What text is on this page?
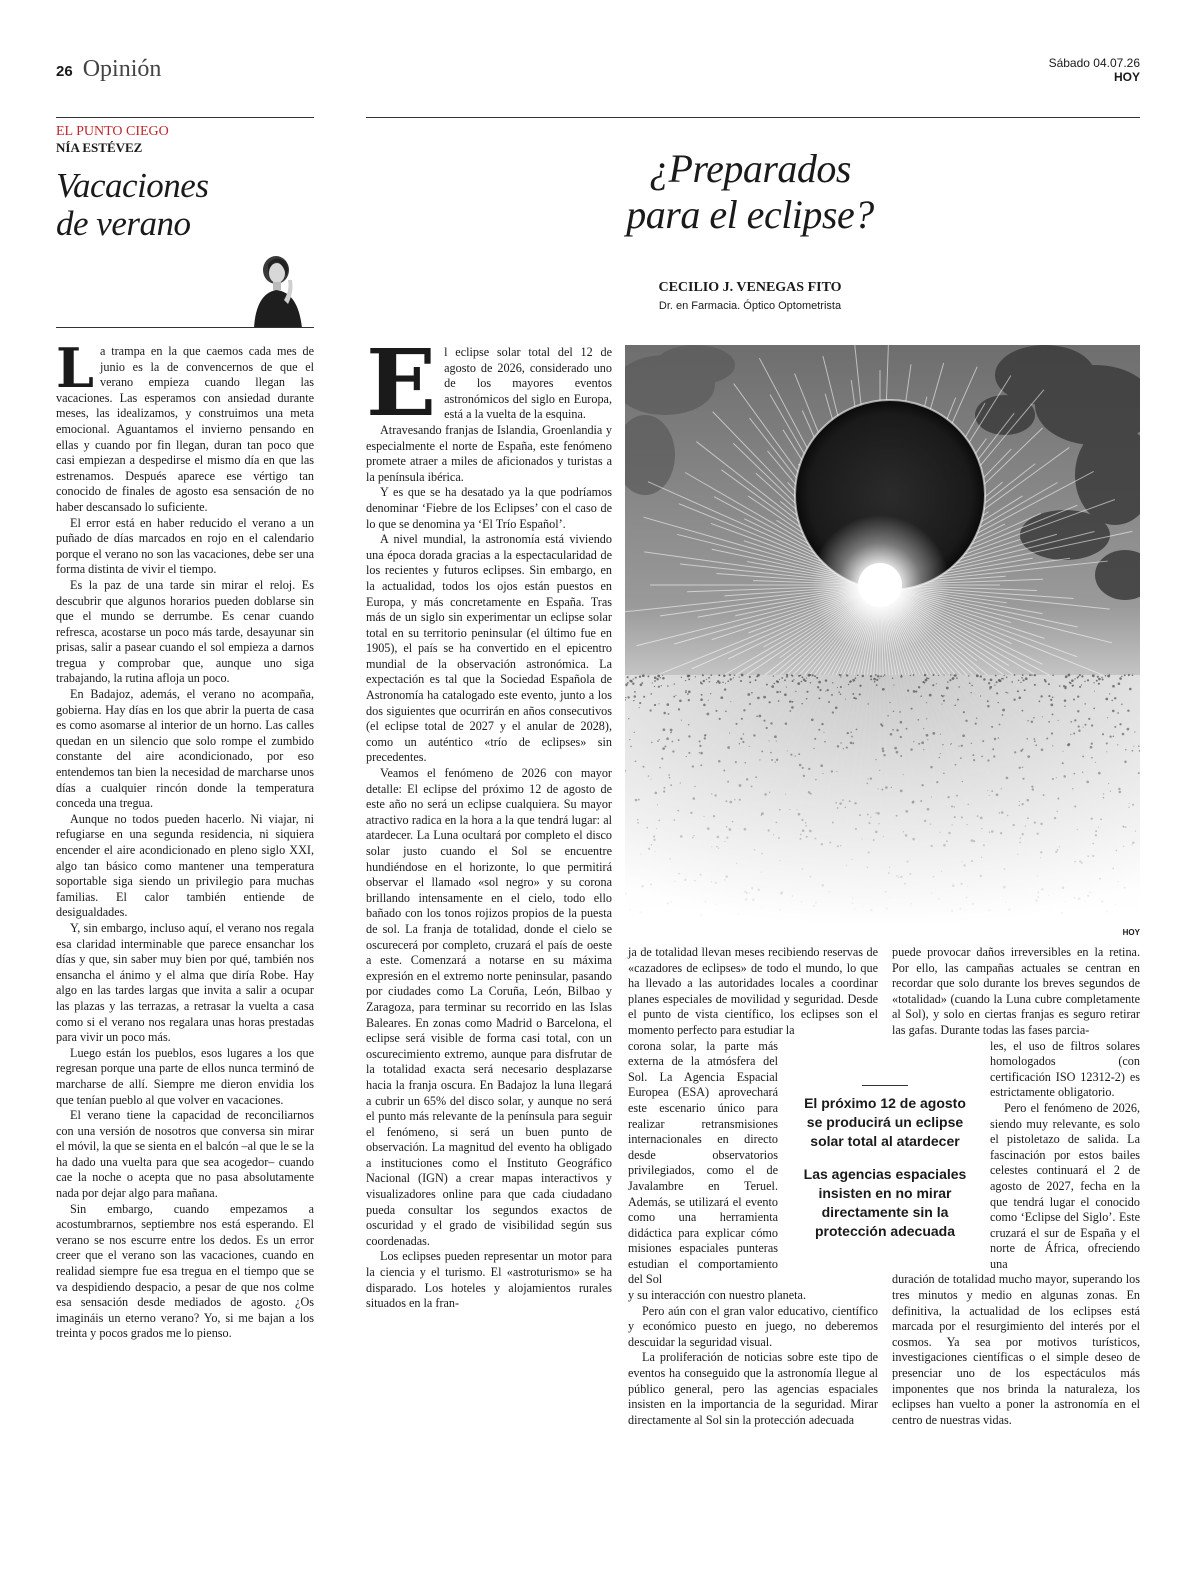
26 Opinión	Sábado 04.07.26
HOY
EL PUNTO CIEGO
NÍA ESTÉVEZ
Vacaciones
de verano

La trampa en la que caemos cada mes de junio es la de convencernos de que el verano empieza cuando llegan las vacaciones. Las esperamos con ansiedad durante meses, las idealizamos, y construimos una meta emocional. Aguantamos el invierno pensando en ellas y cuando por fin llegan, duran tan poco que casi empiezan a despedirse el mismo día en que las estrenamos. Después aparece ese vértigo tan conocido de finales de agosto esa sensación de no haber descansado lo suficiente.

El error está en haber reducido el verano a un puñado de días marcados en rojo en el calendario porque el verano no son las vacaciones, debe ser una forma distinta de vivir el tiempo.

Es la paz de una tarde sin mirar el reloj. Es descubrir que algunos horarios pueden doblarse sin que el mundo se derrumbe. Es cenar cuando refresca, acostarse un poco más tarde, desayunar sin prisas, salir a pasear cuando el sol empieza a darnos tregua y comprobar que, aunque uno siga trabajando, la rutina afloja un poco.

En Badajoz, además, el verano no acompaña, gobierna. Hay días en los que abrir la puerta de casa es como asomarse al interior de un horno. Las calles quedan en un silencio que solo rompe el zumbido constante del aire acondicionado, por eso entendemos tan bien la necesidad de marcharse unos días a cualquier rincón donde la temperatura conceda una tregua.

Aunque no todos pueden hacerlo. Ni viajar, ni refugiarse en una segunda residencia, ni siquiera encender el aire acondicionado en pleno siglo XXI, algo tan básico como mantener una temperatura soportable siga siendo un privilegio para muchas familias. El calor también entiende de desigualdades.

Y, sin embargo, incluso aquí, el verano nos regala esa claridad interminable que parece ensanchar los días y que, sin saber muy bien por qué, también nos ensancha el ánimo y el alma que diría Robe. Hay algo en las tardes largas que invita a salir a ocupar las plazas y las terrazas, a retrasar la vuelta a casa como si el verano nos regalara unas horas prestadas para vivir un poco más.

Luego están los pueblos, esos lugares a los que regresan porque una parte de ellos nunca terminó de marcharse de allí. Siempre me dieron envidia los que tenían pueblo al que volver en vacaciones.

El verano tiene la capacidad de reconciliarnos con una versión de nosotros que conversa sin mirar el móvil, la que se sienta en el balcón –al que le se la ha dado una vuelta para que sea acogedor– cuando cae la noche o acepta que no pasa absolutamente nada por dejar algo para mañana.

Sin embargo, cuando empezamos a acostumbrarnos, septiembre nos está esperando. El verano se nos escurre entre los dedos. Es un error creer que el verano son las vacaciones, cuando en realidad siempre fue esa tregua en el tiempo que se va despidiendo despacio, a pesar de que nos colme esa sensación desde mediados de agosto. ¿Os imagináis un eterno verano? Yo, si me bajan a los treinta y pocos grados me lo pienso.

¿Preparados
para el eclipse?
CECILIO J. VENEGAS FITO
Dr. en Farmacia. Óptico Optometrista

El eclipse solar total del 12 de agosto de 2026, considerado uno de los mayores eventos astronómicos del siglo en Europa, está a la vuelta de la esquina.

Atravesando franjas de Islandia, Groenlandia y especialmente el norte de España, este fenómeno promete atraer a miles de aficionados y turistas a la península ibérica.

Y es que se ha desatado ya la que podríamos denominar ‘Fiebre de los Eclipses’ con el caso de lo que se denomina ya ‘El Trío Español’.

A nivel mundial, la astronomía está viviendo una época dorada gracias a la espectacularidad de los recientes y futuros eclipses. Sin embargo, en la actualidad, todos los ojos están puestos en Europa, y más concretamente en España. Tras más de un siglo sin experimentar un eclipse solar total en su territorio peninsular (el último fue en 1905), el país se ha convertido en el epicentro mundial de la observación astronómica. La expectación es tal que la Sociedad Española de Astronomía ha catalogado este evento, junto a los dos siguientes que ocurrirán en años consecutivos (el eclipse total de 2027 y el anular de 2028), como un auténtico «trío de eclipses» sin precedentes.

Veamos el fenómeno de 2026 con mayor detalle: El eclipse del próximo 12 de agosto de este año no será un eclipse cualquiera. Su mayor atractivo radica en la hora a la que tendrá lugar: al atardecer. La Luna ocultará por completo el disco solar justo cuando el Sol se encuentre hundiéndose en el horizonte, lo que permitirá observar el llamado «sol negro» y su corona brillando intensamente en el cielo, todo ello bañado con los tonos rojizos propios de la puesta de sol. La franja de totalidad, donde el cielo se oscurecerá por completo, cruzará el país de oeste a este. Comenzará a notarse en su máxima expresión en el extremo norte peninsular, pasando por ciudades como La Coruña, León, Bilbao y Zaragoza, para terminar su recorrido en las Islas Baleares. En zonas como Madrid o Barcelona, el eclipse será visible de forma casi total, con un oscurecimiento extremo, aunque para disfrutar de la totalidad exacta será necesario desplazarse hacia la franja oscura. En Badajoz la luna llegará a cubrir un 65% del disco solar, y aunque no será el punto más relevante de la península para seguir el fenómeno, si será un buen punto de observación. La magnitud del evento ha obligado a instituciones como el Instituto Geográfico Nacional (IGN) a crear mapas interactivos y visualizadores online para que cada ciudadano pueda consultar los segundos exactos de oscuridad y el grado de visibilidad según sus coordenadas.

Los eclipses pueden representar un motor para la ciencia y el turismo. El «astroturismo» se ha disparado. Los hoteles y alojamientos rurales situados en la fran-

HOY

ja de totalidad llevan meses recibiendo reservas de «cazadores de eclipses» de todo el mundo, lo que ha llevado a las autoridades locales a coordinar planes especiales de movilidad y seguridad. Desde el punto de vista científico, los eclipses son el momento perfecto para estudiar la

corona solar, la parte más externa de la atmósfera del Sol. La Agencia Espacial Europea (ESA) aprovechará este escenario único para realizar retransmisiones internacionales en directo desde observatorios privilegiados, como el de Javalambre en Teruel. Además, se utilizará el evento como una herramienta didáctica para explicar cómo misiones espaciales punteras estudian el comportamiento del Sol

y su interacción con nuestro planeta.

Pero aún con el gran valor educativo, científico y económico puesto en juego, no deberemos descuidar la seguridad visual.

La proliferación de noticias sobre este tipo de eventos ha conseguido que la astronomía llegue al público general, pero las agencias espaciales insisten en la importancia de la seguridad. Mirar directamente al Sol sin la protección adecuada

puede provocar daños irreversibles en la retina. Por ello, las campañas actuales se centran en recordar que solo durante los breves segundos de «totalidad» (cuando la Luna cubre completamente al Sol), y solo en ciertas franjas es seguro retirar las gafas. Durante todas las fases parcia-

les, el uso de filtros solares homologados (con certificación ISO 12312-2) es estrictamente obligatorio.

Pero el fenómeno de 2026, siendo muy relevante, es solo el pistoletazo de salida. La fascinación por estos bailes celestes continuará el 2 de agosto de 2027, fecha en la que tendrá lugar el conocido como ‘Eclipse del Siglo’. Este cruzará el sur de España y el norte de África, ofreciendo una

duración de totalidad mucho mayor, superando los tres minutos y medio en algunas zonas. En definitiva, la actualidad de los eclipses está marcada por el resurgimiento del interés por el cosmos. Ya sea por motivos turísticos, investigaciones científicas o el simple deseo de presenciar uno de los espectáculos más imponentes que nos brinda la naturaleza, los eclipses han vuelto a poner la astronomía en el centro de nuestras vidas.

El próximo 12 de agosto se producirá un eclipse solar total al atardecer
Las agencias espaciales insisten en no mirar directamente sin la protección adecuada
